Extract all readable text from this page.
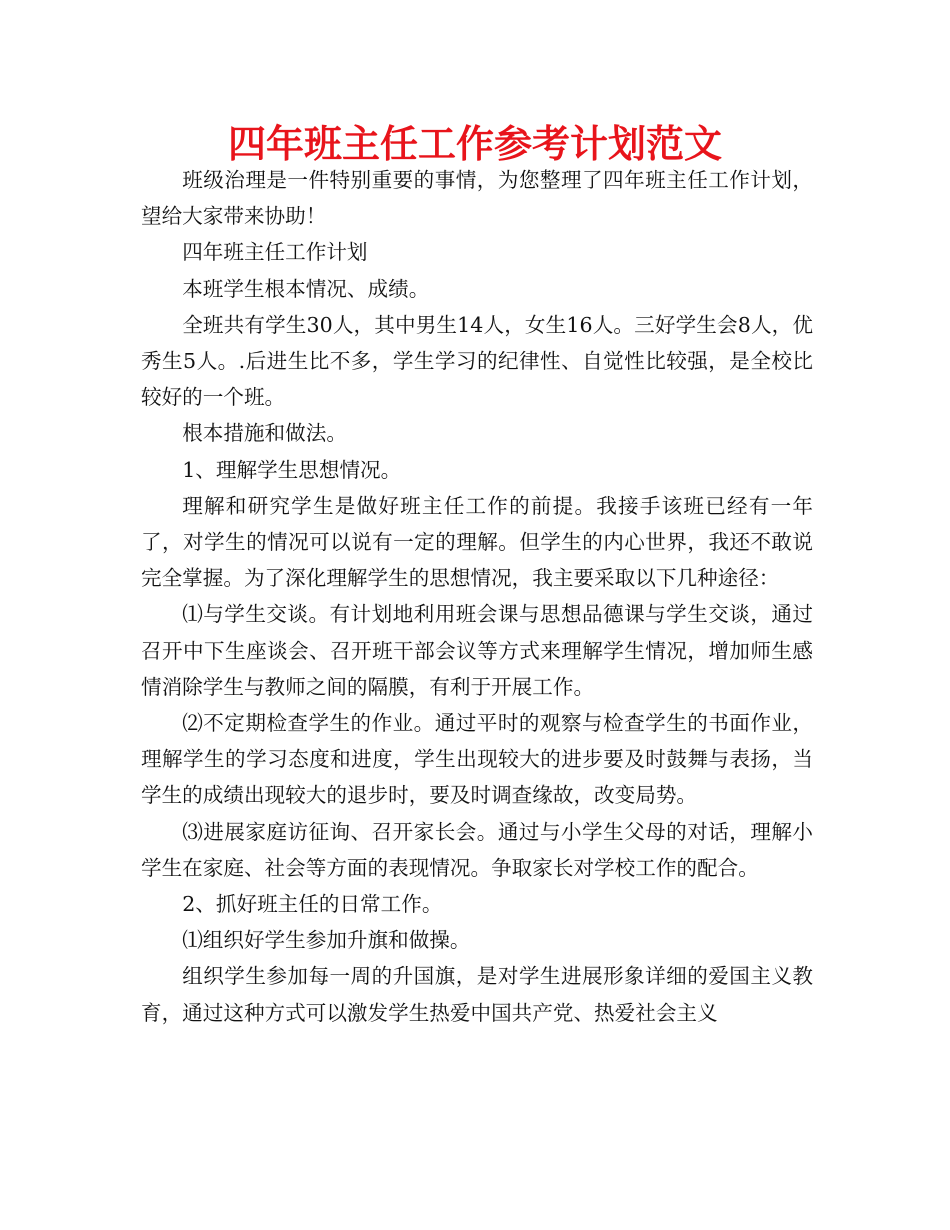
四年班主任工作参考计划范文

班级治理是一件特别重要的事情，为您整理了四年班主任工作计划，望给大家带来协助！

四年班主任工作计划

本班学生根本情况、成绩。

全班共有学生30人，其中男生14人，女生16人。三好学生会8人，优秀生5人。.后进生比不多，学生学习的纪律性、自觉性比较强，是全校比较好的一个班。

根本措施和做法。

1、理解学生思想情况。

理解和研究学生是做好班主任工作的前提。我接手该班已经有一年了，对学生的情况可以说有一定的理解。但学生的内心世界，我还不敢说完全掌握。为了深化理解学生的思想情况，我主要采取以下几种途径：

⑴与学生交谈。有计划地利用班会课与思想品德课与学生交谈，通过召开中下生座谈会、召开班干部会议等方式来理解学生情况，增加师生感情消除学生与教师之间的隔膜，有利于开展工作。

⑵不定期检查学生的作业。通过平时的观察与检查学生的书面作业，理解学生的学习态度和进度，学生出现较大的进步要及时鼓舞与表扬，当学生的成绩出现较大的退步时，要及时调查缘故，改变局势。

⑶进展家庭访征询、召开家长会。通过与小学生父母的对话，理解小学生在家庭、社会等方面的表现情况。争取家长对学校工作的配合。

2、抓好班主任的日常工作。

⑴组织好学生参加升旗和做操。

组织学生参加每一周的升国旗，是对学生进展形象详细的爱国主义教育，通过这种方式可以激发学生热爱中国共产党、热爱社会主义
